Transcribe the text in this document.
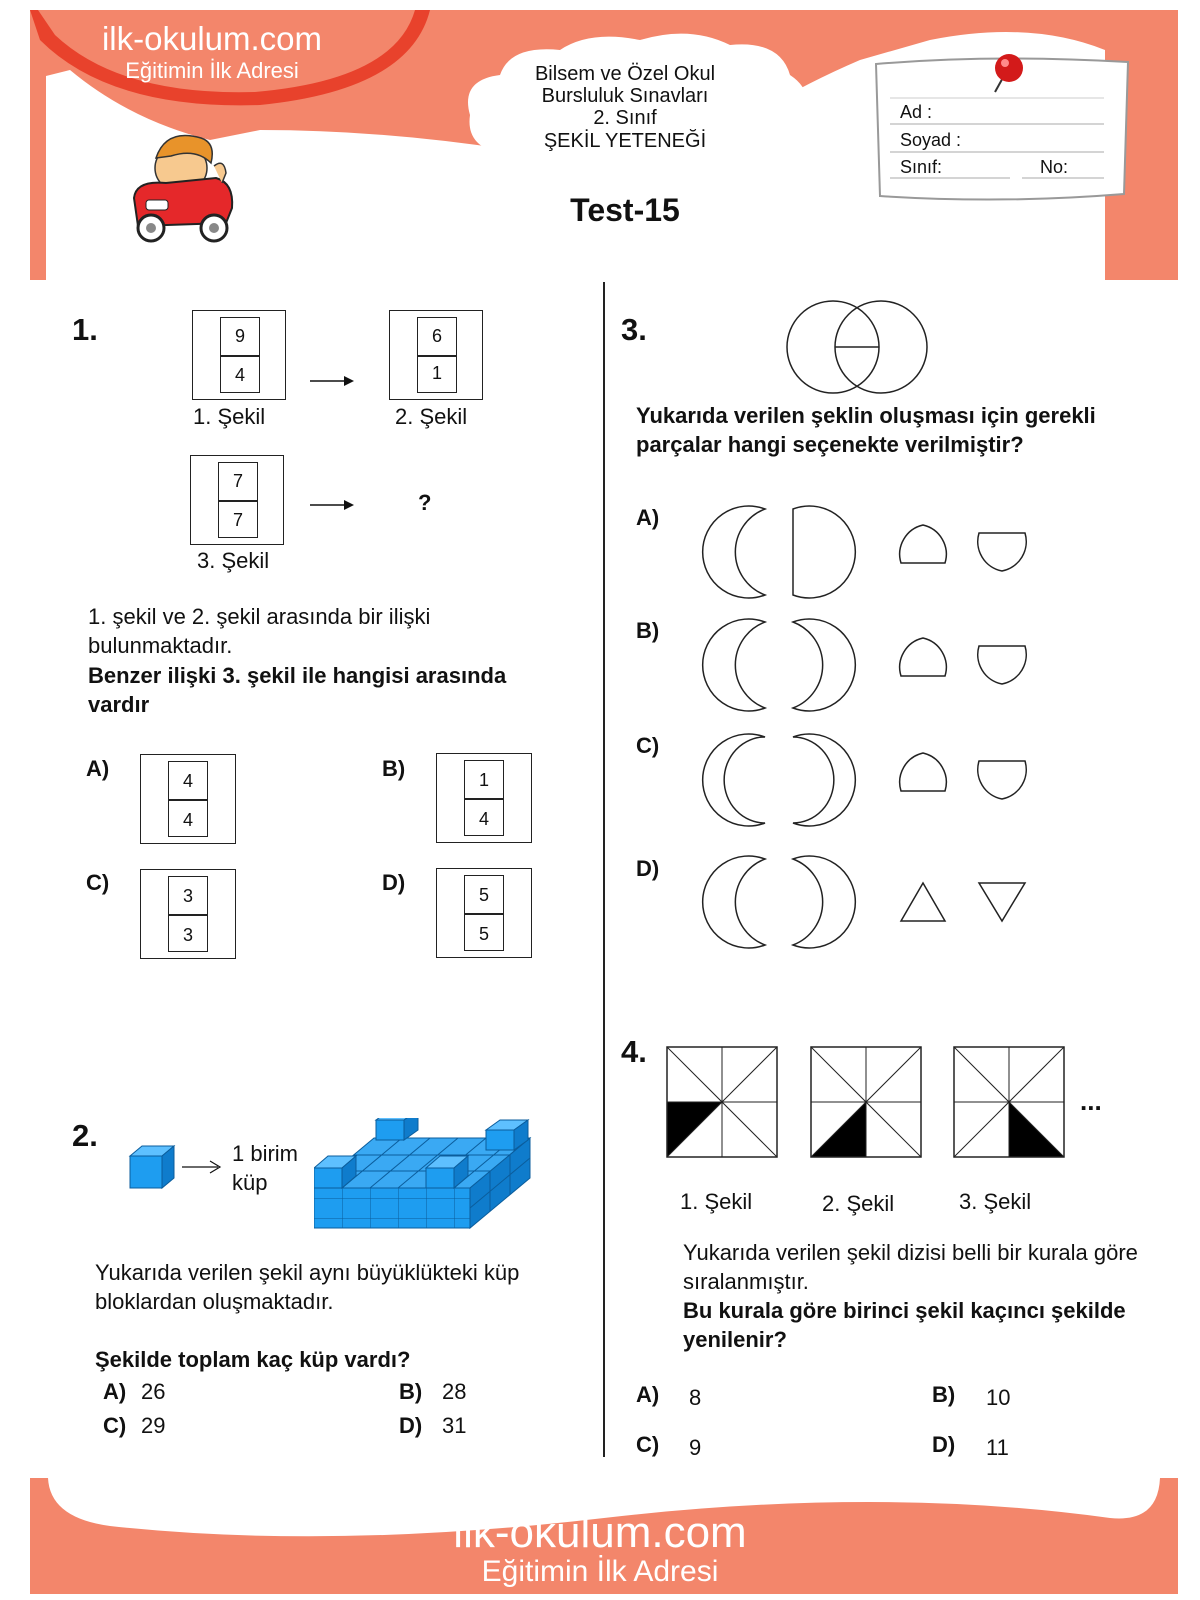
ilk-okulum.com
Eğitimin İlk Adresi	Bilsem ve Özel Okul
Bursluluk Sınavları
2. Sınıf
ŞEKİL YETENEĞİ
Test-15
Ad :
Soyad :
Sınıf:	No:
1.	9
4
1. Şekil
6
1
2. Şekil
7
7
3. Şekil
?
1. şekil ve 2. şekil arasında bir ilişki bulunmaktadır.
Benzer ilişki 3. şekil ile hangisi arasında vardır
A)	4
4
B)	1
4
C)
3
3
D)	5
5
2.
1 birim
küp
Yukarıda verilen şekil aynı büyüklükteki küp bloklardan oluşmaktadır.
Şekilde toplam kaç küp vardı?
A) 26	B) 28
C) 29	D) 31
3.
Yukarıda verilen şeklin oluşması için gerekli parçalar hangi seçenekte verilmiştir?
A)
B)
C)
D)
4.
...
1. Şekil	2. Şekil	3. Şekil
Yukarıda verilen şekil dizisi belli bir kurala göre sıralanmıştır.
Bu kurala göre birinci şekil kaçıncı şekilde yenilenir?
A) 8	B) 10
C) 9	D) 11
ilk-okulum.com
Eğitimin İlk Adresi
